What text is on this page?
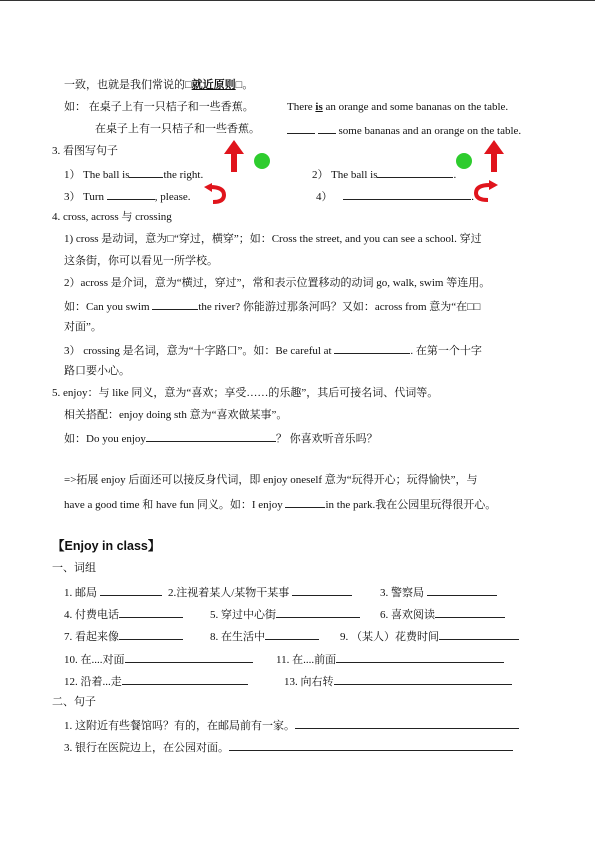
一致，也就是我们常说的□就近原则□。
如： 在桌子上有一只桔子和一些香蕉。	There is an orange and some bananas on the table.
在桌子上有一只桔子和一些香蕉。	some bananas and an orange on the table.
3. 看图写句子
1） The ball is	the right.	2） The ball is	.
3） Turn	, please.	4）	.
4. cross, across 与 crossing
1) cross 是动词，意为□“穿过，横穿”；如：Cross the street, and you can see a school. 穿过
这条街，你可以看见一所学校。
2）across 是介词，意为“横过，穿过”，常和表示位置移动的动词 go, walk, swim 等连用。
如：Can you swim	the river? 你能游过那条河吗？又如：across from 意为“在□□
对面”。
3） crossing 是名词，意为“十字路口”。如：Be careful at	. 在第一个十字
路口要小心。
5. enjoy：与 like 同义，意为“喜欢；享受……的乐趣”，其后可接名词、代词等。
相关搭配：enjoy doing sth 意为“喜欢做某事”。
如：Do you enjoy	？ 你喜欢听音乐吗？
=>拓展 enjoy 后面还可以接反身代词，即 enjoy oneself 意为“玩得开心；玩得愉快”，与
have a good time 和 have fun 同义。如：I enjoy	in the park.我在公园里玩得很开心。
【Enjoy in class】
一、词组
1. 邮局	2.注视着某人/某物干某事	3. 警察局
4. 付费电话	5. 穿过中心街	6. 喜欢阅读
7. 看起来像	8. 在生活中	9. （某人）花费时间
10. 在....对面	11. 在....前面
12. 沿着...走	13. 向右转
二、句子
1. 这附近有些餐馆吗？有的，在邮局前有一家。
3. 银行在医院边上，在公园对面。
